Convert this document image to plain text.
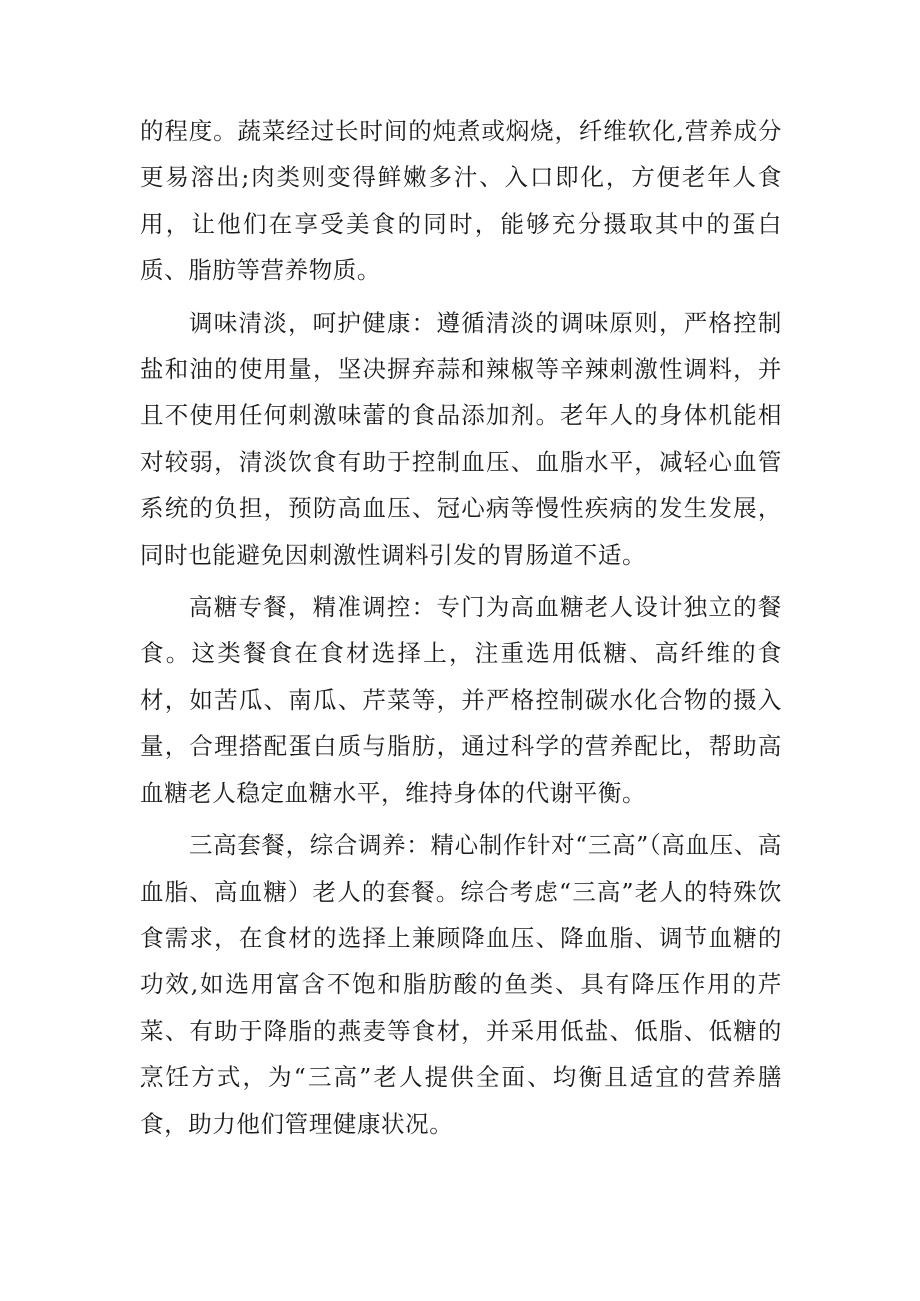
的程度。蔬菜经过长时间的炖煮或焖烧，纤维软化,营养成分更易溶出;肉类则变得鲜嫩多汁、入口即化，方便老年人食用，让他们在享受美食的同时，能够充分摄取其中的蛋白质、脂肪等营养物质。

调味清淡，呵护健康：遵循清淡的调味原则，严格控制盐和油的使用量，坚决摒弃蒜和辣椒等辛辣刺激性调料，并且不使用任何刺激味蕾的食品添加剂。老年人的身体机能相对较弱，清淡饮食有助于控制血压、血脂水平，减轻心血管系统的负担，预防高血压、冠心病等慢性疾病的发生发展，同时也能避免因刺激性调料引发的胃肠道不适。

高糖专餐，精准调控：专门为高血糖老人设计独立的餐食。这类餐食在食材选择上，注重选用低糖、高纤维的食材，如苦瓜、南瓜、芹菜等，并严格控制碳水化合物的摄入量，合理搭配蛋白质与脂肪，通过科学的营养配比，帮助高血糖老人稳定血糖水平，维持身体的代谢平衡。

三高套餐，综合调养：精心制作针对“三高”（高血压、高血脂、高血糖）老人的套餐。综合考虑“三高”老人的特殊饮食需求，在食材的选择上兼顾降血压、降血脂、调节血糖的功效,如选用富含不饱和脂肪酸的鱼类、具有降压作用的芹菜、有助于降脂的燕麦等食材，并采用低盐、低脂、低糖的烹饪方式，为“三高”老人提供全面、均衡且适宜的营养膳食，助力他们管理健康状况。
